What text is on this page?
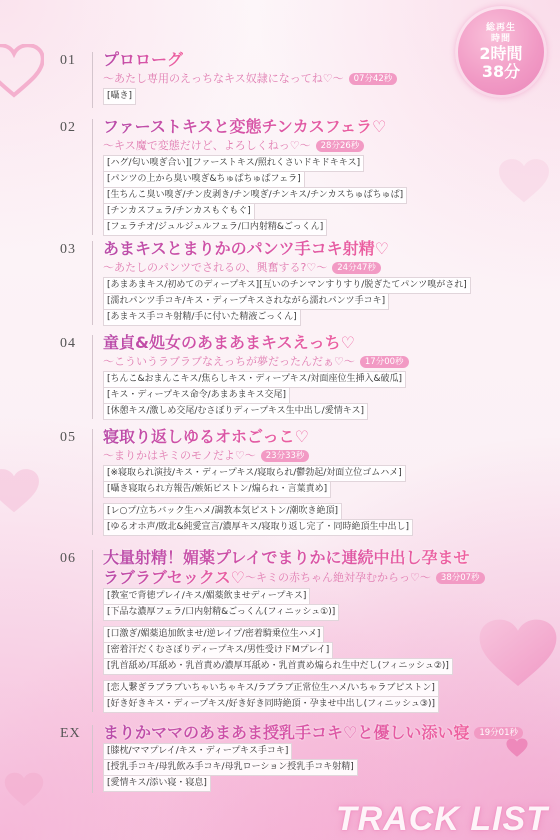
総再生
時間
2時間
38分
01	プロローグ
～あたし専用のえっちなキス奴隷になってね♡～	07分42秒
[囁き]
02	ファーストキスと変態チンカスフェラ♡
～キス魔で変態だけど、よろしくねっ♡～	28分26秒
[ハグ/匂い嗅ぎ合い][ファーストキス/照れくさいドキドキキス]
[パンツの上から臭い嗅ぎ&ちゅぱちゅぱフェラ]
[生ちんこ臭い嗅ぎ/チン皮剥き/チン嗅ぎ/チンキス/チンカスちゅぱちゅぱ]
[チンカスフェラ/チンカスもぐもぐ]
[フェラチオ/ジュルジュルフェラ/口内射精&ごっくん]
03	あまキスとまりかのパンツ手コキ射精♡
～あたしのパンツでされるの、興奮する?♡～	24分47秒
[あまあまキス/初めてのディープキス][互いのチンマンすりすり/脱ぎたてパンツ嗅がされ]
[濡れパンツ手コキ/キス・ディープキスされながら濡れパンツ手コキ]
[あまキス手コキ射精/手に付いた精液ごっくん]
04	童貞&処女のあまあまキスえっち♡
～こういうラブラブなえっちが夢だったんだぁ♡～	17分00秒
[ちんこ&おまんこキス/焦らしキス・ディープキス/対面座位生挿入&破瓜]
[キス・ディープキス命令/あまあまキス交尾]
[休憩キス/激しめ交尾/むさぼりディープキス生中出し/愛情キス]
05	寝取り返しゆるオホごっこ♡
～まりかはキミのモノだよ♡～	23分33秒
[※寝取られ演技/キス・ディープキス/寝取られ/鬱勃起/対面立位ゴムハメ]
[囁き寝取られ方報告/嫉妬ピストン/煽られ・言葉責め]
[レ○プ/立ちバック生ハメ/調教本気ピストン/潮吹き絶頂]
[ゆるオホ声/敗北&純愛宣言/濃厚キス/寝取り返し完了・同時絶頂生中出し]
06	大量射精！媚薬プレイでまりかに連続中出し孕ませ
ラブラブセックス♡ ～キミの赤ちゃん絶対孕むからっ♡～	38分07秒
[教室で背徳プレイ/キス/媚薬飲ませディープキス]
[下品な濃厚フェラ/口内射精&ごっくん(フィニッシュ①)]
[口激ぎ/媚薬追加飲ませ/逆レイプ/密着騎乗位生ハメ]
[密着汗だくむさぼりディープキス/男性受けドMプレイ]
[乳首舐め/耳舐め・乳首責め/濃厚耳舐め・乳首責め煽られ生中だし(フィニッシュ②)]
[恋人繋ぎラブラブいちゃいちゃキス/ラブラブ正常位生ハメ/いちゃラブピストン]
[好き好きキス・ディープキス/好き好き同時絶頂・孕ませ中出し(フィニッシュ③)]
EX	まりかママのあまあま授乳手コキ♡と優しい添い寝	19分01秒
[膝枕/ママプレイ/キス・ディープキス手コキ]
[授乳手コキ/母乳飲み手コキ/母乳ローション授乳手コキ射精]
[愛情キス/添い寝・寝息]
TRACK LIST
